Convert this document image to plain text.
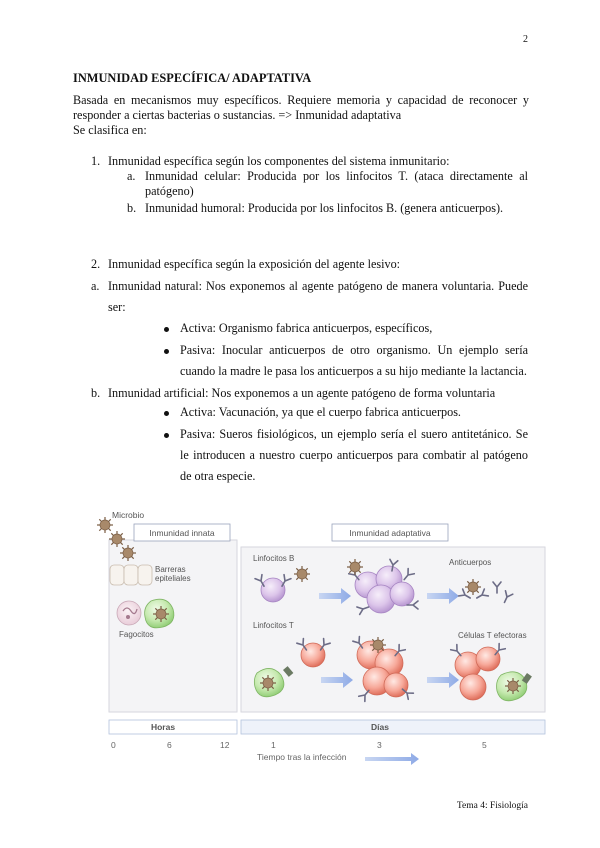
2
INMUNIDAD ESPECÍFICA/ ADAPTATIVA
Basada en mecanismos muy específicos. Requiere memoria y capacidad de reconocer y responder a ciertas bacterias o sustancias. => Inmunidad adaptativa
Se clasifica en:
1. Inmunidad específica según los componentes del sistema inmunitario:
a. Inmunidad celular: Producida por los linfocitos T. (ataca directamente al
patógeno)
b. Inmunidad humoral: Producida por los linfocitos B. (genera anticuerpos).
2. Inmunidad específica según la exposición del agente lesivo:
a. Inmunidad natural: Nos exponemos al agente patógeno de manera voluntaria. Puede
ser:
Activa: Organismo fabrica anticuerpos, específicos,
Pasiva: Inocular anticuerpos de otro organismo. Un ejemplo sería
cuando la madre le pasa los anticuerpos a su hijo mediante la lactancia.
b. Inmunidad artificial: Nos exponemos a un agente patógeno de forma voluntaria
Activa: Vacunación, ya que el cuerpo fabrica anticuerpos.
Pasiva: Sueros fisiológicos, un ejemplo sería el suero antitetánico. Se
le introducen a nuestro cuerpo anticuerpos para combatir al patógeno
de otra especie.
Microbio
Inmunidad innata	Inmunidad adaptativa
Barreras
epiteliales
Fagocitos
Linfocitos B	Anticuerpos
Linfocitos T
Células T efectoras
Horas	Días
0	6	12	1	3	5
Tiempo tras la infección
Tema 4: Fisiología
